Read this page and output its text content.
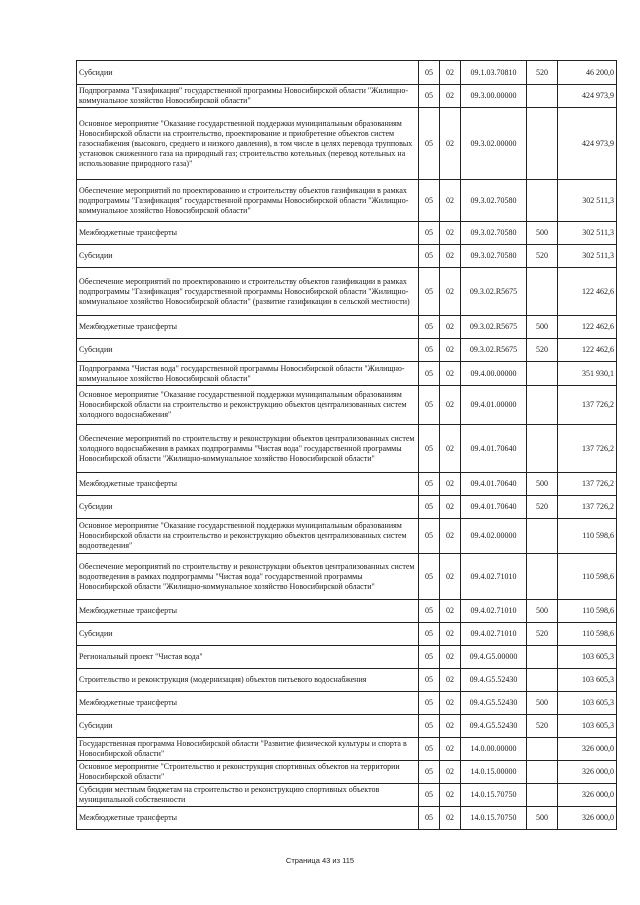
Субсидии	05	02	09.1.03.70810	520	46 200,0
Подпрограмма "Газификация" государственной программы Новосибирской области "Жилищно-коммунальное хозяйство Новосибирской области"	05	02	09.3.00.00000		424 973,9
Основное мероприятие "Оказание государственной поддержки муниципальным образованиям Новосибирской области на строительство, проектирование и приобретение объектов систем газоснабжения (высокого, среднего и низкого давления), в том числе в целях перевода трупповых установок сжиженного газа на природный газ; строительство котельных (перевод котельных на использование природного газа)"	05	02	09.3.02.00000		424 973,9
Обеспечение мероприятий по проектированию и строительству объектов газификации в рамках подпрограммы "Газификация" государственной программы Новосибирской области "Жилищно-коммунальное хозяйство Новосибирской области"	05	02	09.3.02.70580		302 511,3
Межбюджетные трансферты	05	02	09.3.02.70580	500	302 511,3
Субсидии	05	02	09.3.02.70580	520	302 511,3
Обеспечение мероприятий по проектированию и строительству объектов газификации в рамках подпрограммы "Газификация" государственной программы Новосибирской области "Жилищно-коммунальное хозяйство Новосибирской области" (развитие газификации в сельской местности)	05	02	09.3.02.R5675		122 462,6
Межбюджетные трансферты	05	02	09.3.02.R5675	500	122 462,6
Субсидии	05	02	09.3.02.R5675	520	122 462,6
Подпрограмма "Чистая вода" государственной программы Новосибирской области "Жилищно-коммунальное хозяйство Новосибирской области"	05	02	09.4.00.00000		351 930,1
Основное мероприятие "Оказание государственной поддержки муниципальным образованиям Новосибирской области на строительство и реконструкцию объектов централизованных систем холодного водоснабжения"	05	02	09.4.01.00000		137 726,2
Обеспечение мероприятий по строительству и реконструкции объектов централизованных систем холодного водоснабжения в рамках подпрограммы "Чистая вода" государственной программы Новосибирской области "Жилищно-коммунальное хозяйство Новосибирской области"	05	02	09.4.01.70640		137 726,2
Межбюджетные трансферты	05	02	09.4.01.70640	500	137 726,2
Субсидии	05	02	09.4.01.70640	520	137 726,2
Основное мероприятие "Оказание государственной поддержки муниципальным образованиям Новосибирской области на строительство и реконструкцию объектов централизованных систем водоотведения"	05	02	09.4.02.00000		110 598,6
Обеспечение мероприятий по строительству и реконструкции объектов централизованных систем водоотведения в рамках подпрограммы "Чистая вода" государственной программы Новосибирской области "Жилищно-коммунальное хозяйство Новосибирской области"	05	02	09.4.02.71010		110 598,6
Межбюджетные трансферты	05	02	09.4.02.71010	500	110 598,6
Субсидии	05	02	09.4.02.71010	520	110 598,6
Региональный проект "Чистая вода"	05	02	09.4.G5.00000		103 605,3
Строительство и реконструкция (модернизация) объектов питьевого водоснабжения	05	02	09.4.G5.52430		103 605,3
Межбюджетные трансферты	05	02	09.4.G5.52430	500	103 605,3
Субсидии	05	02	09.4.G5.52430	520	103 605,3
Государственная программа Новосибирской области "Развитие физической культуры и спорта в Новосибирской области"	05	02	14.0.00.00000		326 000,0
Основное мероприятие "Строительство и реконструкция спортивных объектов на территории Новосибирской области"	05	02	14.0.15.00000		326 000,0
Субсидии местным бюджетам на строительство и реконструкцию спортивных объектов муниципальной собственности	05	02	14.0.15.70750		326 000,0
Межбюджетные трансферты	05	02	14.0.15.70750	500	326 000,0
Страница 43 из 115
